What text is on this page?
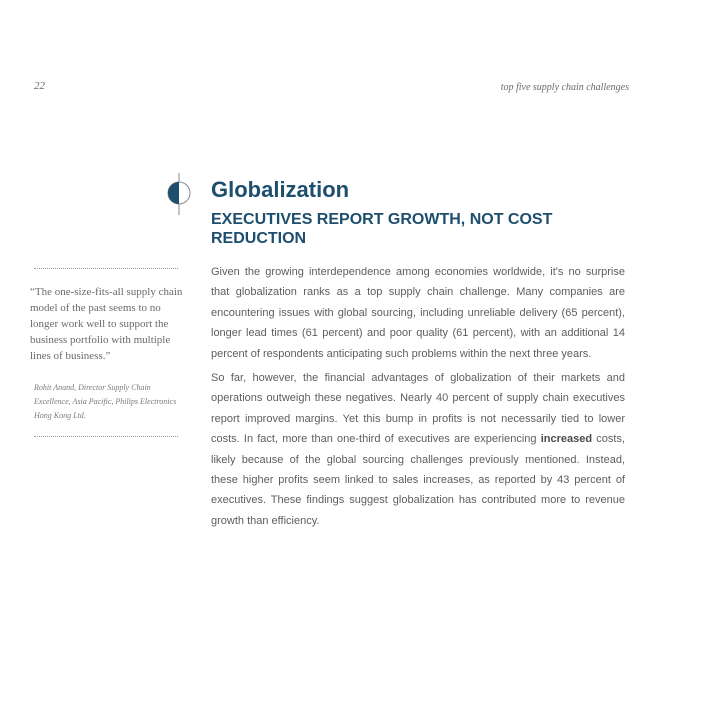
22	top five supply chain challenges
Globalization
EXECUTIVES REPORT GROWTH, NOT COST REDUCTION

Given the growing interdependence among economies worldwide, it's no surprise that globalization ranks as a top supply chain challenge. Many companies are encountering issues with global sourcing, including unreliable delivery (65 percent), longer lead times (61 percent) and poor quality (61 percent), with an additional 14 percent of respondents anticipating such problems within the next three years.

So far, however, the financial advantages of globalization of their markets and operations outweigh these negatives. Nearly 40 percent of supply chain executives report improved margins. Yet this bump in profits is not necessarily tied to lower costs. In fact, more than one-third of executives are experiencing increased costs, likely because of the global sourcing challenges previously mentioned. Instead, these higher profits seem linked to sales increases, as reported by 43 percent of executives. These findings suggest globalization has contributed more to revenue growth than efficiency.

“The one-size-fits-all supply chain model of the past seems to no longer work well to support the business portfolio with multiple lines of business.”

Rohit Anand, Director Supply Chain Excellence, Asia Pacific, Philips Electronics Hong Kong Ltd.
